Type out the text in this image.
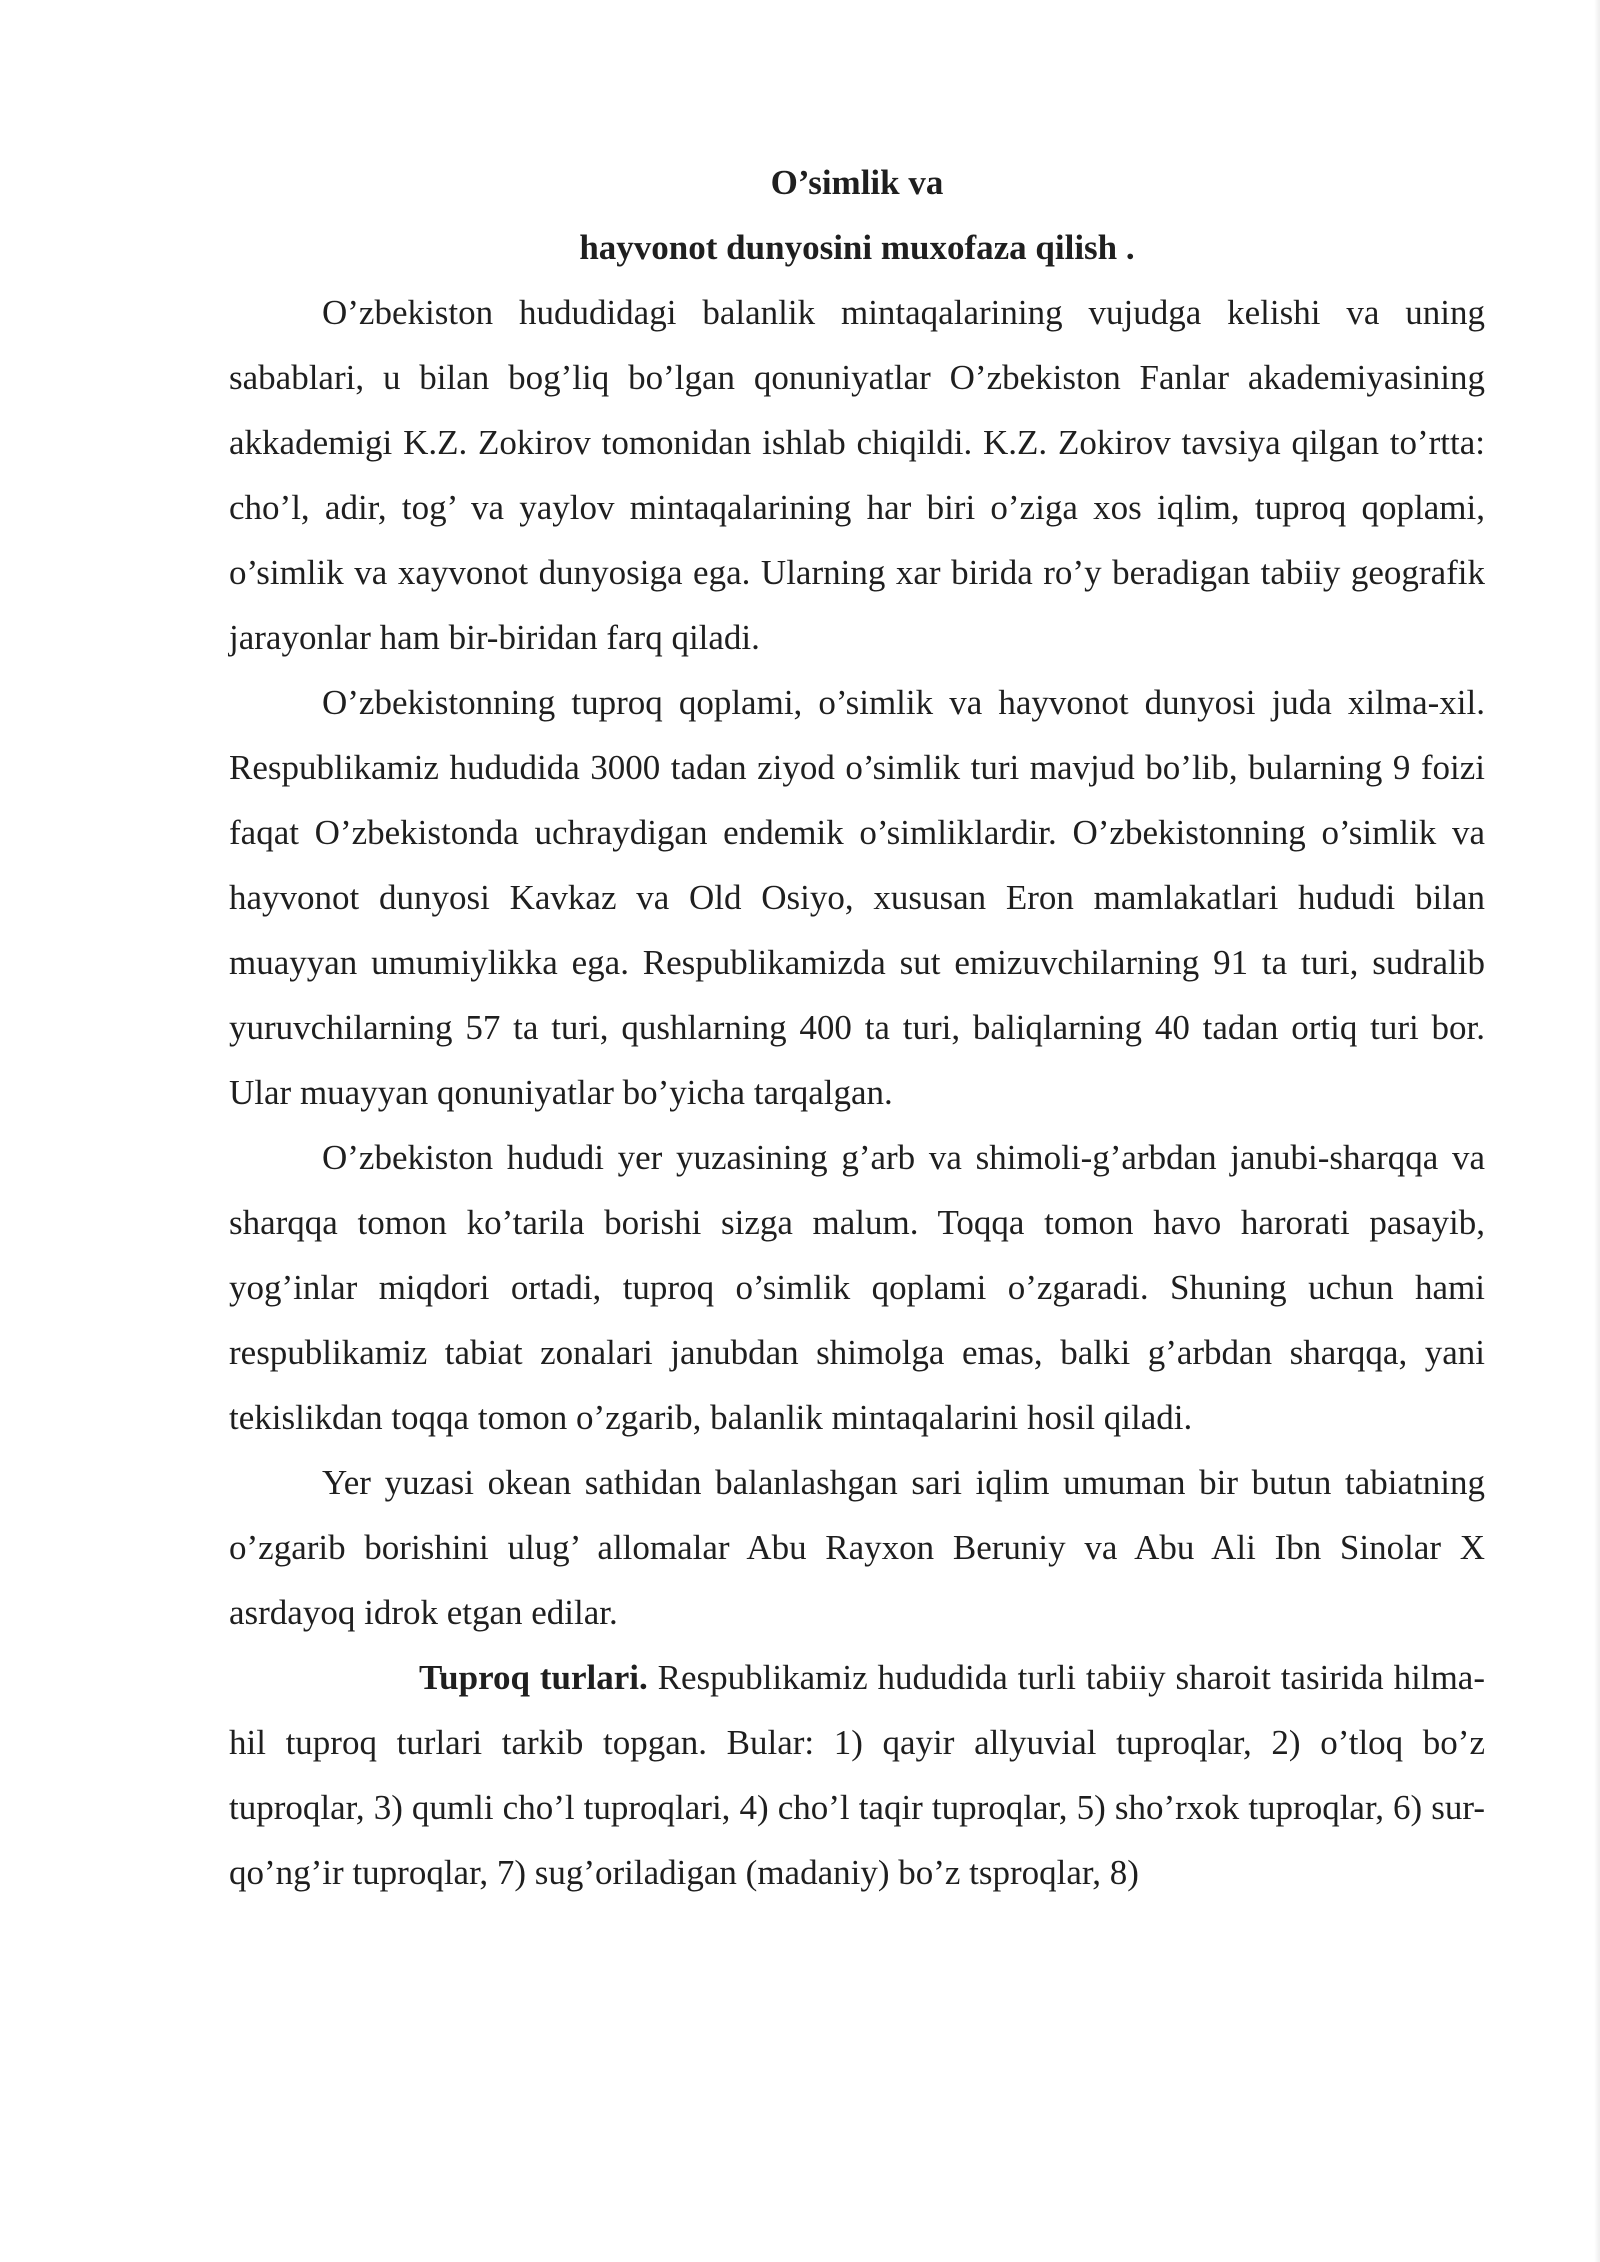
O’simlik va
hayvonot dunyosini muxofaza qilish .

O’zbekiston hududidagi balanlik mintaqalarining vujudga kelishi va uning sabablari, u bilan bog’liq bo’lgan qonuniyatlar O’zbekiston Fanlar akademiyasining akkademigi K.Z. Zokirov tomonidan ishlab chiqildi. K.Z. Zokirov tavsiya qilgan to’rtta: cho’l, adir, tog’ va yaylov mintaqalarining har biri o’ziga xos iqlim, tuproq qoplami, o’simlik va xayvonot dunyosiga ega. Ularning xar birida ro’y beradigan tabiiy geografik jarayonlar ham bir-biridan farq qiladi.

O’zbekistonning tuproq qoplami, o’simlik va hayvonot dunyosi juda xilma-xil. Respublikamiz hududida 3000 tadan ziyod o’simlik turi mavjud bo’lib, bularning 9 foizi faqat O’zbekistonda uchraydigan endemik o’simliklardir. O’zbekistonning o’simlik va hayvonot dunyosi Kavkaz va Old Osiyo, xususan Eron mamlakatlari hududi bilan muayyan umumiylikka ega. Respublikamizda sut emizuvchilarning 91 ta turi, sudralib yuruvchilarning 57 ta turi, qushlarning 400 ta turi, baliqlarning 40 tadan ortiq turi bor. Ular muayyan qonuniyatlar bo’yicha tarqalgan.

O’zbekiston hududi yer yuzasining g’arb va shimoli-g’arbdan janubi-sharqqa va sharqqa tomon ko’tarila borishi sizga malum. Toqqa tomon havo harorati pasayib, yog’inlar miqdori ortadi, tuproq o’simlik qoplami o’zgaradi. Shuning uchun hami respublikamiz tabiat zonalari janubdan shimolga emas, balki g’arbdan sharqqa, yani tekislikdan toqqa tomon o’zgarib, balanlik mintaqalarini hosil qiladi.

Yer yuzasi okean sathidan balanlashgan sari iqlim umuman bir butun tabiatning o’zgarib borishini ulug’ allomalar Abu Rayxon Beruniy va Abu Ali Ibn Sinolar X asrdayoq idrok etgan edilar.

Tuproq turlari. Respublikamiz hududida turli tabiiy sharoit tasirida hilma-hil tuproq turlari tarkib topgan. Bular: 1) qayir allyuvial tuproqlar, 2) o’tloq bo’z tuproqlar, 3) qumli cho’l tuproqlari, 4) cho’l taqir tuproqlar, 5) sho’rxok tuproqlar, 6) sur-qo’ng’ir tuproqlar, 7) sug’oriladigan (madaniy) bo’z tsproqlar, 8)
